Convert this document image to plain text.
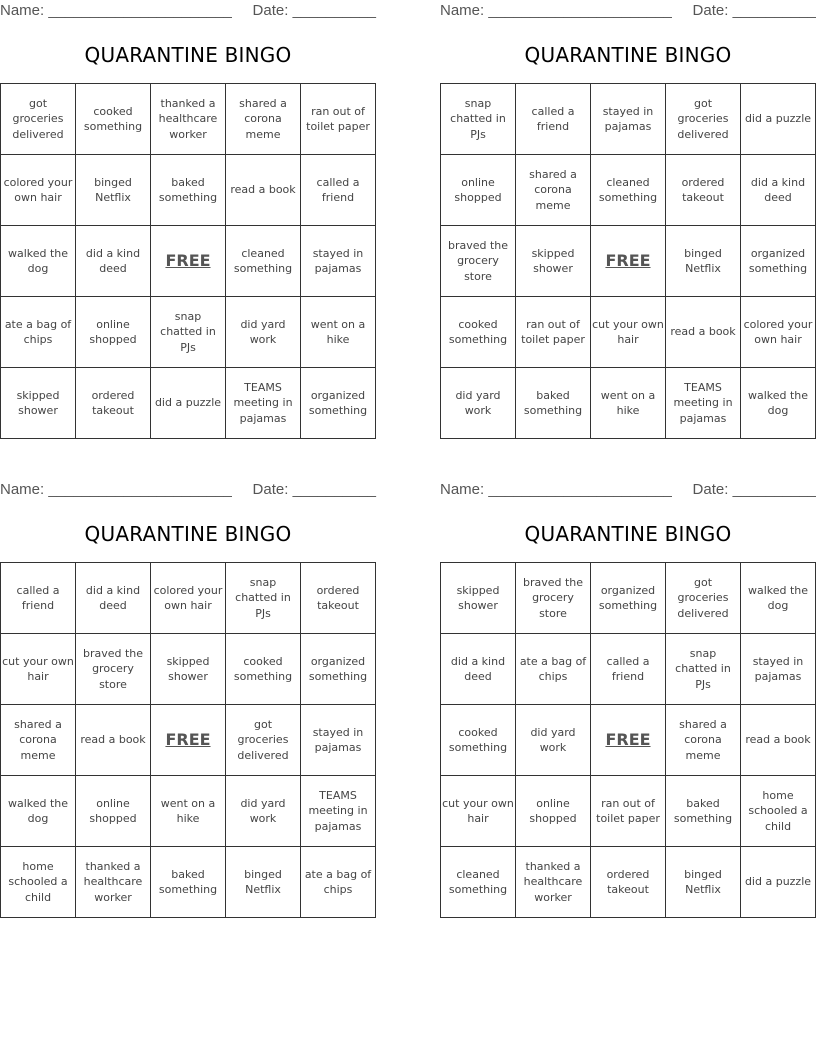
Name: ______________________ Date: __________
QUARANTINE BINGO
got groceries delivered	cooked something	thanked a healthcare worker	shared a corona meme	ran out of toilet paper
colored your own hair	binged Netflix	baked something	read a book	called a friend
walked the dog	did a kind deed	FREE	cleaned something	stayed in pajamas
ate a bag of chips	online shopped	snap chatted in PJs	did yard work	went on a hike
skipped shower	ordered takeout	did a puzzle	TEAMS meeting in pajamas	organized something
Name: ______________________ Date: __________
QUARANTINE BINGO
snap chatted in PJs	called a friend	stayed in pajamas	got groceries delivered	did a puzzle
online shopped	shared a corona meme	cleaned something	ordered takeout	did a kind deed
braved the grocery store	skipped shower	FREE	binged Netflix	organized something
cooked something	ran out of toilet paper	cut your own hair	read a book	colored your own hair
did yard work	baked something	went on a hike	TEAMS meeting in pajamas	walked the dog
Name: ______________________ Date: __________
QUARANTINE BINGO
called a friend	did a kind deed	colored your own hair	snap chatted in PJs	ordered takeout
cut your own hair	braved the grocery store	skipped shower	cooked something	organized something
shared a corona meme	read a book	FREE	got groceries delivered	stayed in pajamas
walked the dog	online shopped	went on a hike	did yard work	TEAMS meeting in pajamas
home schooled a child	thanked a healthcare worker	baked something	binged Netflix	ate a bag of chips
Name: ______________________ Date: __________
QUARANTINE BINGO
skipped shower	braved the grocery store	organized something	got groceries delivered	walked the dog
did a kind deed	ate a bag of chips	called a friend	snap chatted in PJs	stayed in pajamas
cooked something	did yard work	FREE	shared a corona meme	read a book
cut your own hair	online shopped	ran out of toilet paper	baked something	home schooled a child
cleaned something	thanked a healthcare worker	ordered takeout	binged Netflix	did a puzzle
